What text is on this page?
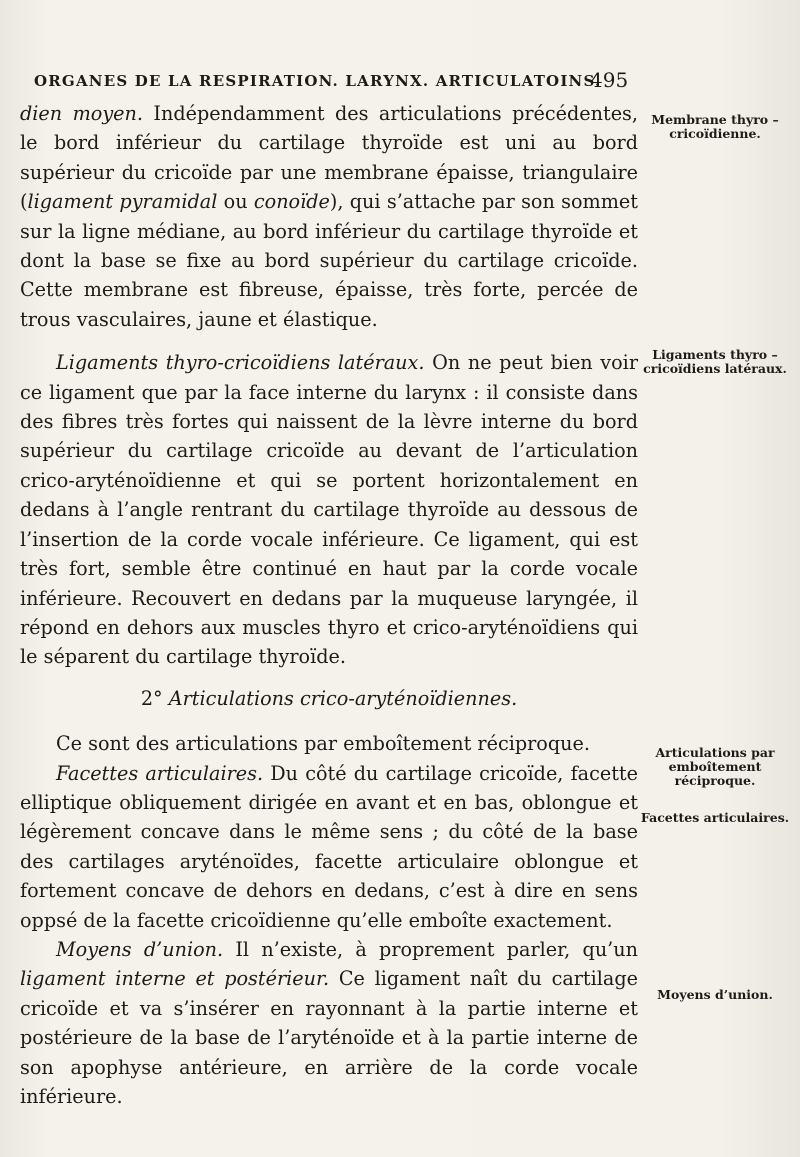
ORGANES DE LA RESPIRATION. LARYNX. ARTICULATOINS.
495

dien moyen. Indépendamment des articulations précédentes, le bord inférieur du cartilage thyroïde est uni au bord supérieur du cricoïde par une membrane épaisse, triangulaire (ligament pyramidal ou conoïde), qui s’attache par son sommet sur la ligne médiane, au bord inférieur du cartilage thyroïde et dont la base se fixe au bord supérieur du cartilage cricoïde. Cette membrane est fibreuse, épaisse, très forte, percée de trous vasculaires, jaune et élastique.

Ligaments thyro-cricoïdiens latéraux. On ne peut bien voir ce ligament que par la face interne du larynx : il consiste dans des fibres très fortes qui naissent de la lèvre interne du bord supérieur du cartilage cricoïde au devant de l’articulation crico-aryténoïdienne et qui se portent horizontalement en dedans à l’angle rentrant du cartilage thyroïde au dessous de l’insertion de la corde vocale inférieure. Ce ligament, qui est très fort, semble être continué en haut par la corde vocale inférieure. Recouvert en dedans par la muqueuse laryngée, il répond en dehors aux muscles thyro et crico-aryténoïdiens qui le séparent du cartilage thyroïde.

2° Articulations crico-aryténoïdiennes.

Ce sont des articulations par emboîtement réciproque.

Facettes articulaires. Du côté du cartilage cricoïde, facette elliptique obliquement dirigée en avant et en bas, oblongue et légèrement concave dans le même sens ; du côté de la base des cartilages aryténoïdes, facette articulaire oblongue et fortement concave de dehors en dedans, c’est à dire en sens oppsé de la facette cricoïdienne qu’elle emboîte exactement.

Moyens d’union. Il n’existe, à proprement parler, qu’un ligament interne et postérieur. Ce ligament naît du cartilage cricoïde et va s’insérer en rayonnant à la partie interne et postérieure de la base de l’aryténoïde et à la partie interne de son apophyse antérieure, en arrière de la corde vocale inférieure.

Membrane thyro – cricoïdienne.
Ligaments thyro – cricoïdiens latéraux.
Articulations par emboîtement réciproque.
Facettes articulaires.
Moyens d’union.
